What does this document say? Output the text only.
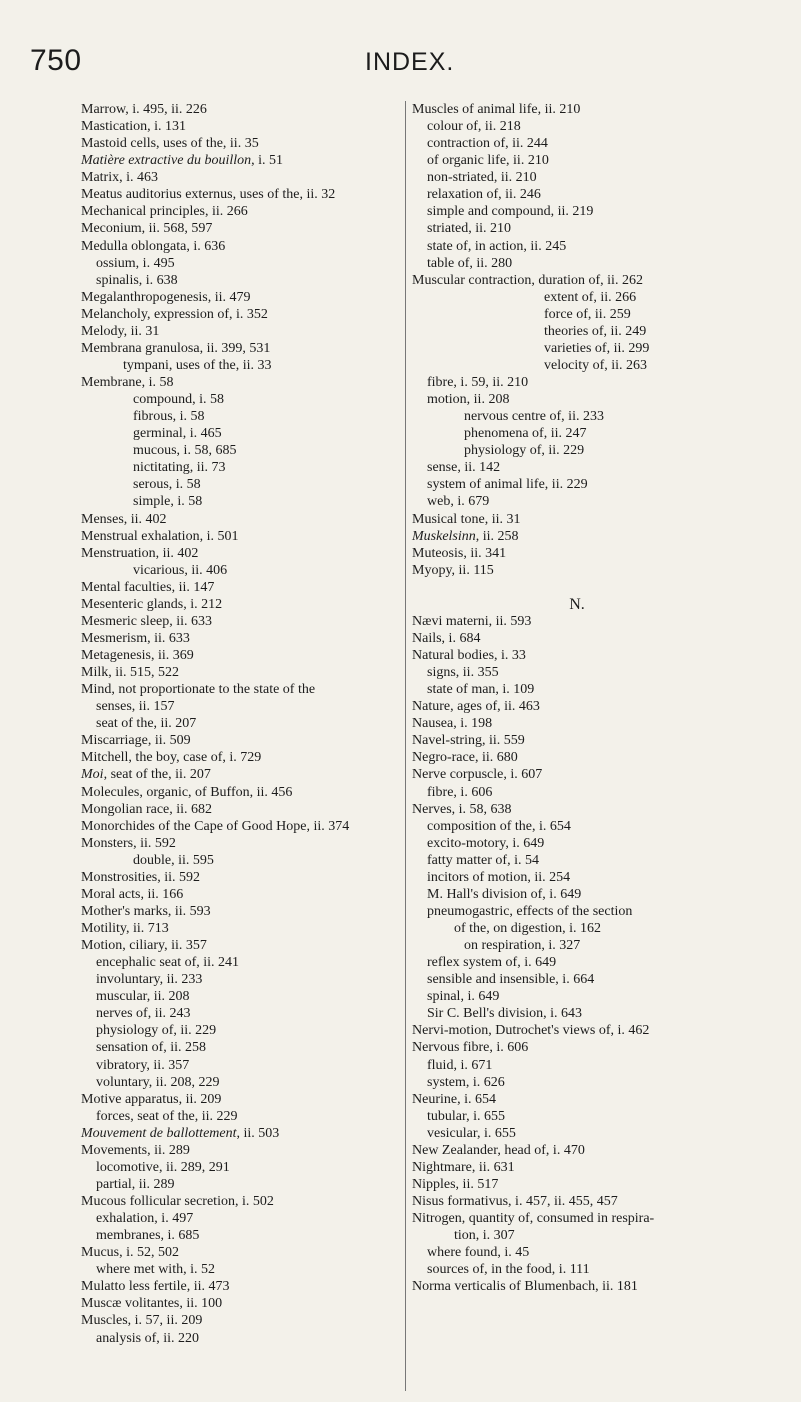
750	INDEX.
Marrow, i. 495, ii. 226
Mastication, i. 131
Mastoid cells, uses of the, ii. 35
Matière extractive du bouillon, i. 51
Matrix, i. 463
Meatus auditorius externus, uses of the, ii. 32
Mechanical principles, ii. 266
Meconium, ii. 568, 597
Medulla oblongata, i. 636
ossium, i. 495
spinalis, i. 638
Megalanthropogenesis, ii. 479
Melancholy, expression of, i. 352
Melody, ii. 31
Membrana granulosa, ii. 399, 531
tympani, uses of the, ii. 33
Membrane, i. 58
compound, i. 58
fibrous, i. 58
germinal, i. 465
mucous, i. 58, 685
nictitating, ii. 73
serous, i. 58
simple, i. 58
Menses, ii. 402
Menstrual exhalation, i. 501
Menstruation, ii. 402
vicarious, ii. 406
Mental faculties, ii. 147
Mesenteric glands, i. 212
Mesmeric sleep, ii. 633
Mesmerism, ii. 633
Metagenesis, ii. 369
Milk, ii. 515, 522
Mind, not proportionate to the state of the
senses, ii. 157
seat of the, ii. 207
Miscarriage, ii. 509
Mitchell, the boy, case of, i. 729
Moi, seat of the, ii. 207
Molecules, organic, of Buffon, ii. 456
Mongolian race, ii. 682
Monorchides of the Cape of Good Hope, ii. 374
Monsters, ii. 592
double, ii. 595
Monstrosities, ii. 592
Moral acts, ii. 166
Mother's marks, ii. 593
Motility, ii. 713
Motion, ciliary, ii. 357
encephalic seat of, ii. 241
involuntary, ii. 233
muscular, ii. 208
nerves of, ii. 243
physiology of, ii. 229
sensation of, ii. 258
vibratory, ii. 357
voluntary, ii. 208, 229
Motive apparatus, ii. 209
forces, seat of the, ii. 229
Mouvement de ballottement, ii. 503
Movements, ii. 289
locomotive, ii. 289, 291
partial, ii. 289
Mucous follicular secretion, i. 502
exhalation, i. 497
membranes, i. 685
Mucus, i. 52, 502
where met with, i. 52
Mulatto less fertile, ii. 473
Muscæ volitantes, ii. 100
Muscles, i. 57, ii. 209
analysis of, ii. 220
Muscles of animal life, ii. 210
colour of, ii. 218
contraction of, ii. 244
of organic life, ii. 210
non-striated, ii. 210
relaxation of, ii. 246
simple and compound, ii. 219
striated, ii. 210
state of, in action, ii. 245
table of, ii. 280
Muscular contraction, duration of, ii. 262
extent of, ii. 266
force of, ii. 259
theories of, ii. 249
varieties of, ii. 299
velocity of, ii. 263
fibre, i. 59, ii. 210
motion, ii. 208
nervous centre of, ii. 233
phenomena of, ii. 247
physiology of, ii. 229
sense, ii. 142
system of animal life, ii. 229
web, i. 679
Musical tone, ii. 31
Muskelsinn, ii. 258
Muteosis, ii. 341
Myopy, ii. 115
N.
Nævi materni, ii. 593
Nails, i. 684
Natural bodies, i. 33
signs, ii. 355
state of man, i. 109
Nature, ages of, ii. 463
Nausea, i. 198
Navel-string, ii. 559
Negro-race, ii. 680
Nerve corpuscle, i. 607
fibre, i. 606
Nerves, i. 58, 638
composition of the, i. 654
excito-motory, i. 649
fatty matter of, i. 54
incitors of motion, ii. 254
M. Hall's division of, i. 649
pneumogastric, effects of the section
of the, on digestion, i. 162
on respiration, i. 327
reflex system of, i. 649
sensible and insensible, i. 664
spinal, i. 649
Sir C. Bell's division, i. 643
Nervi-motion, Dutrochet's views of, i. 462
Nervous fibre, i. 606
fluid, i. 671
system, i. 626
Neurine, i. 654
tubular, i. 655
vesicular, i. 655
New Zealander, head of, i. 470
Nightmare, ii. 631
Nipples, ii. 517
Nisus formativus, i. 457, ii. 455, 457
Nitrogen, quantity of, consumed in respira-
tion, i. 307
where found, i. 45
sources of, in the food, i. 111
Norma verticalis of Blumenbach, ii. 181
